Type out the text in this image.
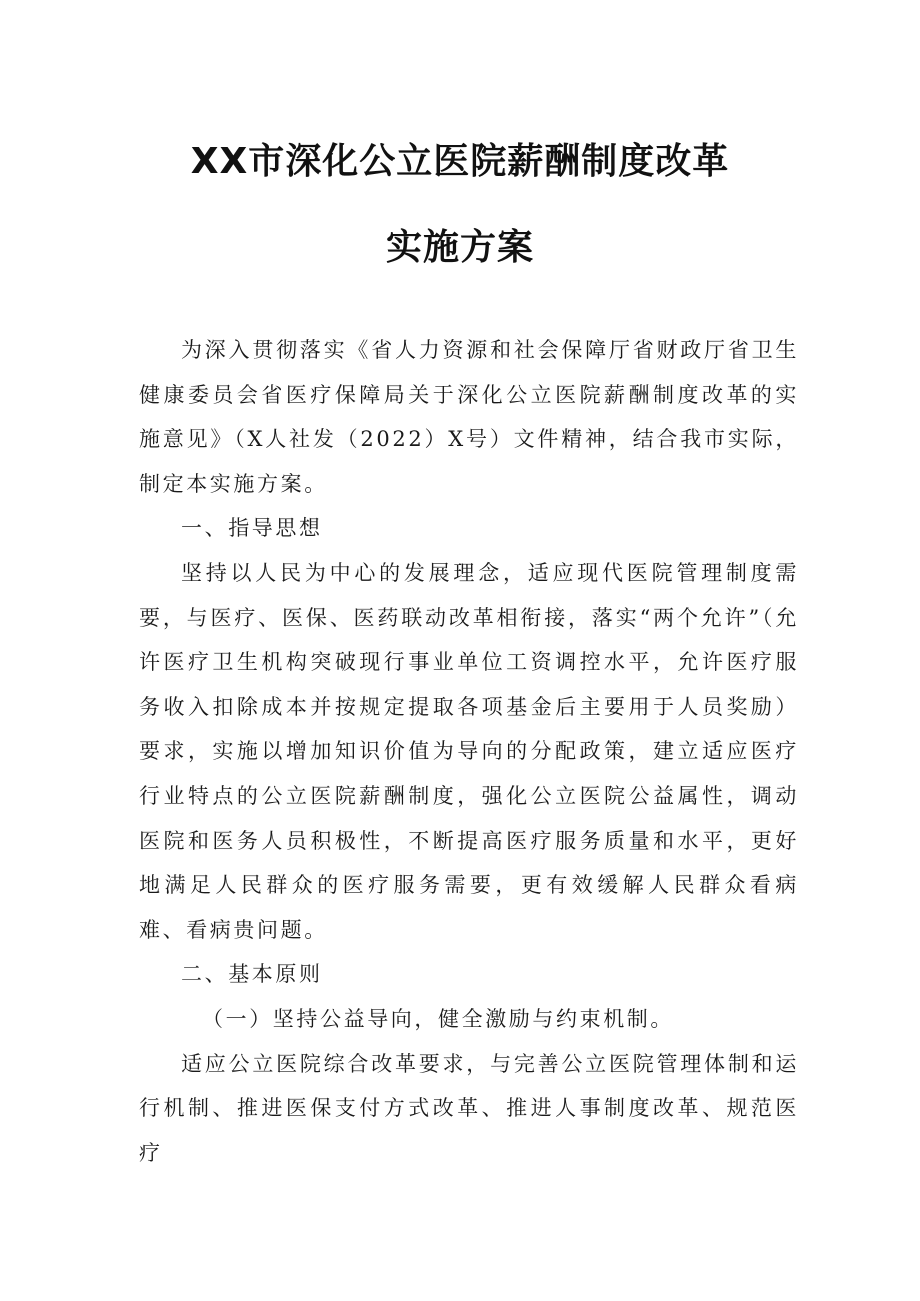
XX市深化公立医院薪酬制度改革
实施方案

为深入贯彻落实《省人力资源和社会保障厅省财政厅省卫生健康委员会省医疗保障局关于深化公立医院薪酬制度改革的实施意见》（X人社发（2022）X号）文件精神，结合我市实际，制定本实施方案。

一、指导思想

坚持以人民为中心的发展理念，适应现代医院管理制度需要，与医疗、医保、医药联动改革相衔接，落实“两个允许”（允许医疗卫生机构突破现行事业单位工资调控水平，允许医疗服务收入扣除成本并按规定提取各项基金后主要用于人员奖励）要求，实施以增加知识价值为导向的分配政策，建立适应医疗行业特点的公立医院薪酬制度，强化公立医院公益属性，调动医院和医务人员积极性，不断提高医疗服务质量和水平，更好地满足人民群众的医疗服务需要，更有效缓解人民群众看病难、看病贵问题。

二、基本原则

（一）坚持公益导向，健全激励与约束机制。

适应公立医院综合改革要求，与完善公立医院管理体制和运行机制、推进医保支付方式改革、推进人事制度改革、规范医疗
